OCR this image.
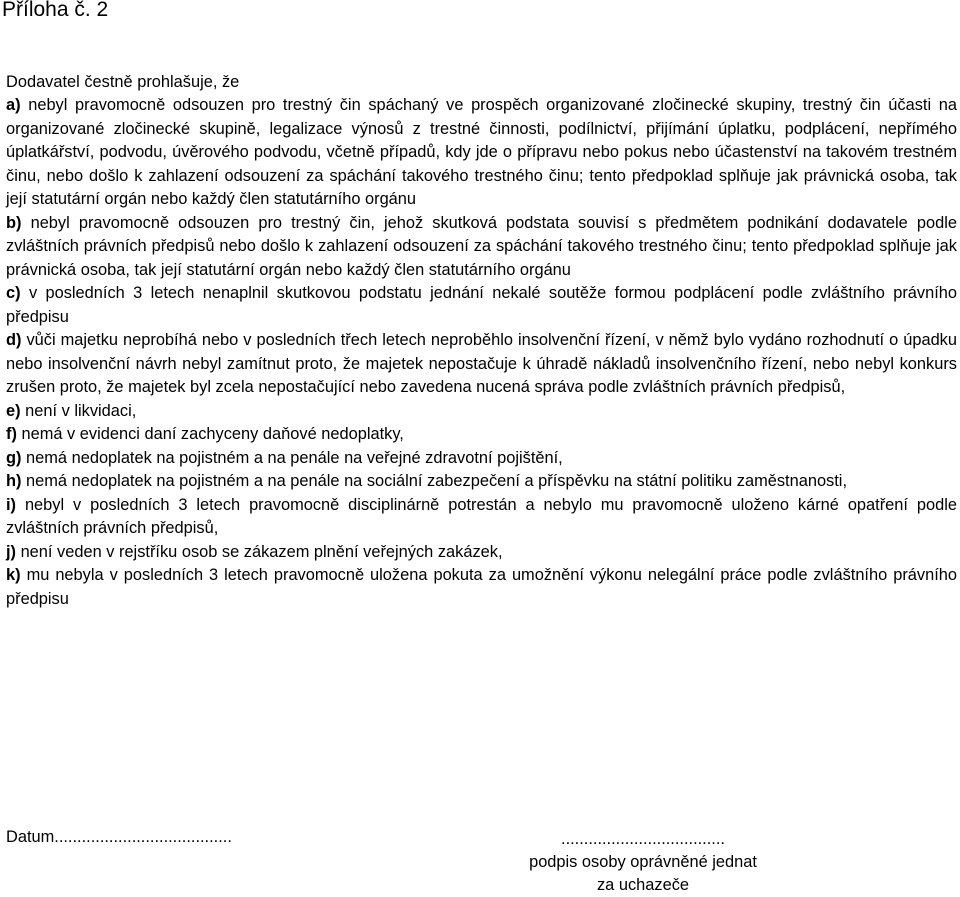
Příloha č. 2
Dodavatel čestně prohlašuje, že

a) nebyl pravomocně odsouzen pro trestný čin spáchaný ve prospěch organizované zločinecké skupiny, trestný čin účasti na organizované zločinecké skupině, legalizace výnosů z trestné činnosti, podílnictví, přijímání úplatku, podplácení, nepřímého úplatkářství, podvodu, úvěrového podvodu, včetně případů, kdy jde o přípravu nebo pokus nebo účastenství na takovém trestném činu, nebo došlo k zahlazení odsouzení za spáchání takového trestného činu; tento předpoklad splňuje jak právnická osoba, tak její statutární orgán nebo každý člen statutárního orgánu

b) nebyl pravomocně odsouzen pro trestný čin, jehož skutková podstata souvisí s předmětem podnikání dodavatele podle zvláštních právních předpisů nebo došlo k zahlazení odsouzení za spáchání takového trestného činu; tento předpoklad splňuje jak právnická osoba, tak její statutární orgán nebo každý člen statutárního orgánu

c) v posledních 3 letech nenaplnil skutkovou podstatu jednání nekalé soutěže formou podplácení podle zvláštního právního předpisu

d) vůči majetku neprobíhá nebo v posledních třech letech neproběhlo insolvenční řízení, v němž bylo vydáno rozhodnutí o úpadku nebo insolvenční návrh nebyl zamítnut proto, že majetek nepostačuje k úhradě nákladů insolvenčního řízení, nebo nebyl konkurs zrušen proto, že majetek byl zcela nepostačující nebo zavedena nucená správa podle zvláštních právních předpisů,

e) není v likvidaci,

f) nemá v evidenci daní zachyceny daňové nedoplatky,

g) nemá nedoplatek na pojistném a na penále na veřejné zdravotní pojištění,

h) nemá nedoplatek na pojistném a na penále na sociální zabezpečení a příspěvku na státní politiku zaměstnanosti,

i) nebyl v posledních 3 letech pravomocně disciplinárně potrestán a nebylo mu pravomocně uloženo kárné opatření podle zvláštních právních předpisů,

j) není veden v rejstříku osob se zákazem plnění veřejných zakázek,

k) mu nebyla v posledních 3 letech pravomocně uložena pokuta za umožnění výkonu nelegální práce podle zvláštního právního předpisu

Datum.......................................	....................................
podpis osoby oprávněné jednat
za uchazeče
